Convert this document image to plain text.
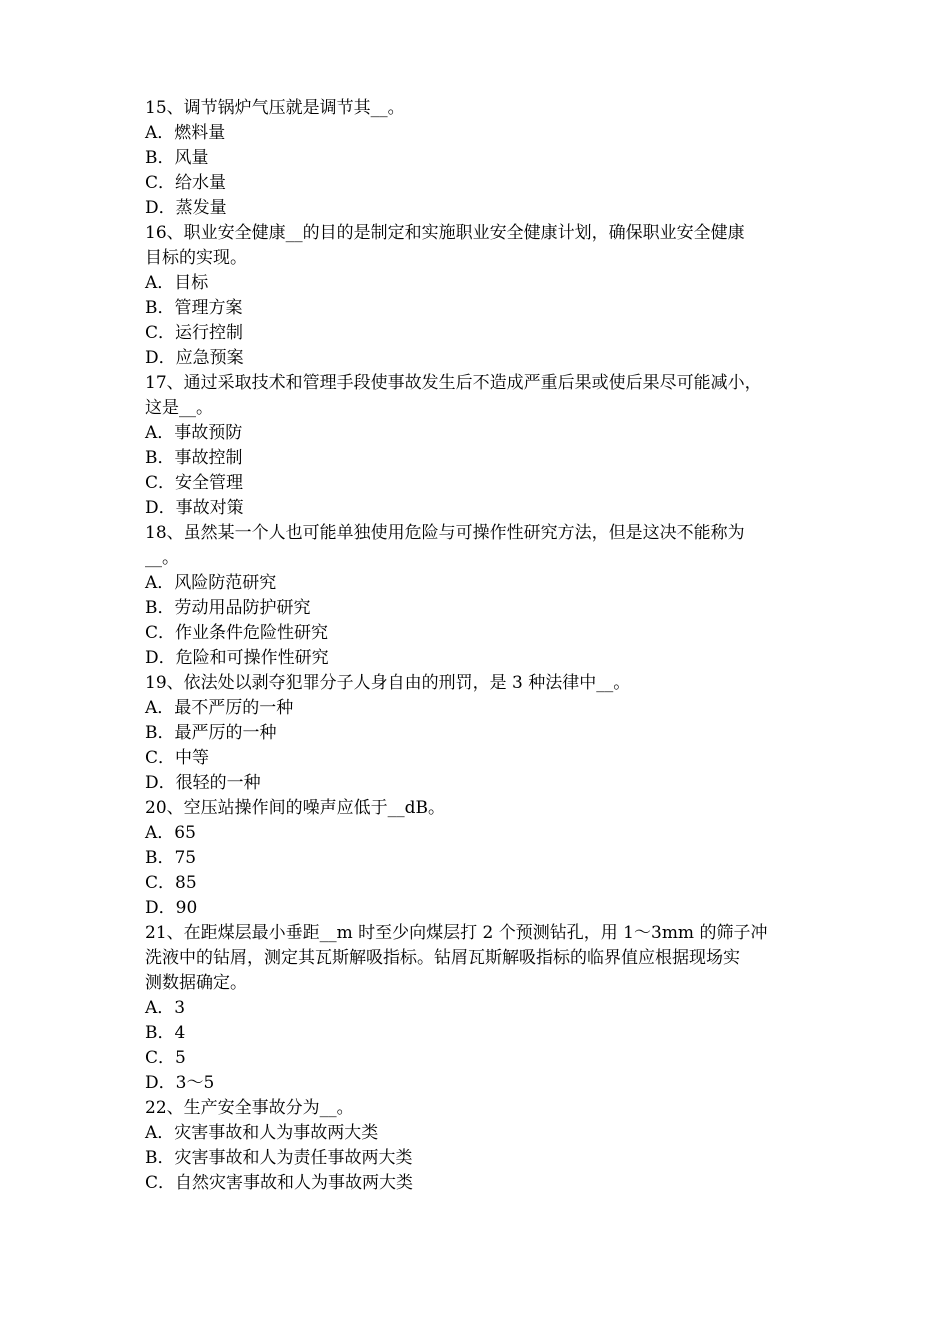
15、调节锅炉气压就是调节其__。

A．燃料量

B．风量

C．给水量

D．蒸发量

16、职业安全健康__的目的是制定和实施职业安全健康计划，确保职业安全健康

目标的实现。

A．目标

B．管理方案

C．运行控制

D．应急预案

17、通过采取技术和管理手段使事故发生后不造成严重后果或使后果尽可能减小，

这是__。

A．事故预防

B．事故控制

C．安全管理

D．事故对策

18、虽然某一个人也可能单独使用危险与可操作性研究方法，但是这决不能称为

__。

A．风险防范研究

B．劳动用品防护研究

C．作业条件危险性研究

D．危险和可操作性研究

19、依法处以剥夺犯罪分子人身自由的刑罚，是 3 种法律中__。

A．最不严厉的一种

B．最严厉的一种

C．中等

D．很轻的一种

20、空压站操作间的噪声应低于__dB。

A．65

B．75

C．85

D．90

21、在距煤层最小垂距__m 时至少向煤层打 2 个预测钻孔，用 1～3mm 的筛子冲

洗液中的钻屑，测定其瓦斯解吸指标。钻屑瓦斯解吸指标的临界值应根据现场实

测数据确定。

A．3

B．4

C．5

D．3～5

22、生产安全事故分为__。

A．灾害事故和人为事故两大类

B．灾害事故和人为责任事故两大类

C．自然灾害事故和人为事故两大类
